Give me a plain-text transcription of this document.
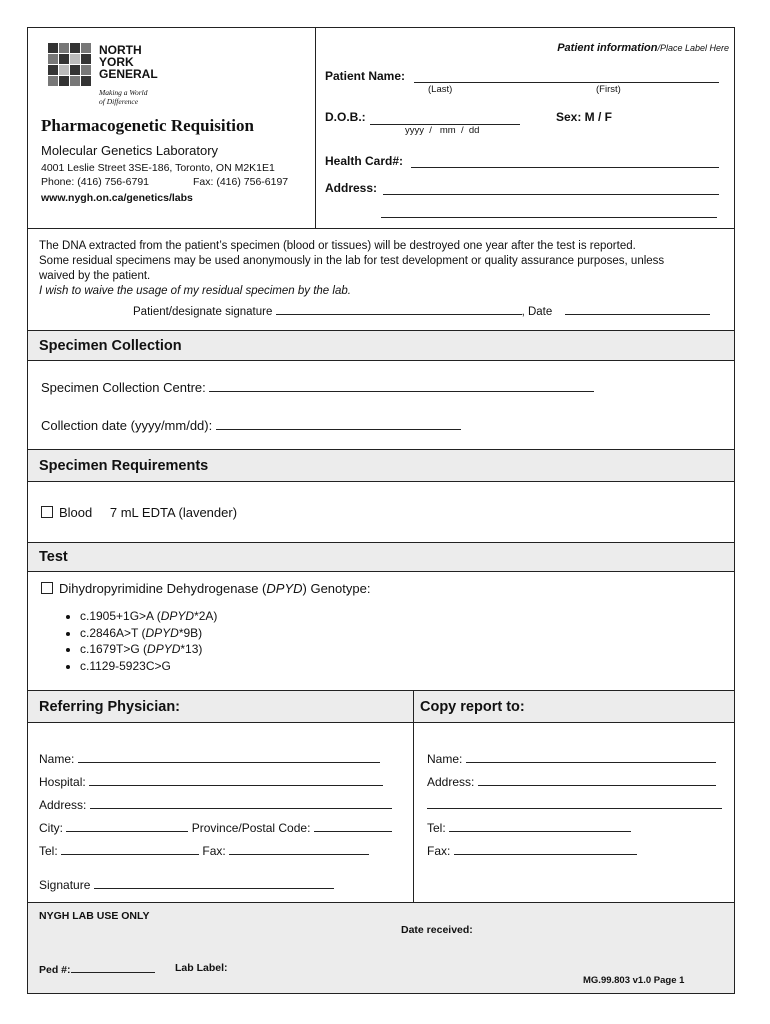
NORTH
YORK
GENERAL
Making a World
of Difference
Pharmacogenetic Requisition
Molecular Genetics Laboratory
4001 Leslie Street 3SE-186, Toronto, ON M2K1E1
Phone: (416) 756-6791	Fax: (416) 756-6197
www.nygh.on.ca/genetics/labs
Patient information/Place Label Here
Patient Name:
(Last)	(First)
D.O.B.:
yyyy  /   mm  /  dd
Sex: M / F
Health Card#:
Address:
The DNA extracted from the patient’s specimen (blood or tissues) will be destroyed one year after the test is reported.
Some residual specimens may be used anonymously in the lab for test development or quality assurance purposes, unless
waived by the patient.
I wish to waive the usage of my residual specimen by the lab.
Patient/designate signature	, Date
Specimen Collection
Specimen Collection Centre:
Collection date (yyyy/mm/dd):
Specimen Requirements
Blood 7 mL EDTA (lavender)
Test
Dihydropyrimidine Dehydrogenase (DPYD) Genotype:
• c.1905+1G>A (DPYD*2A)
• c.2846A>T (DPYD*9B)
• c.1679T>G (DPYD*13)
• c.1129-5923C>G
Referring Physician:	Copy report to:
Name:
Hospital:
Address:
City:	Province/Postal Code:
Tel:	Fax:
Signature
Name:
Address:
Tel:
Fax:
NYGH LAB USE ONLY
Date received:
Ped #:	Lab Label:
MG.99.803 v1.0 Page 1
